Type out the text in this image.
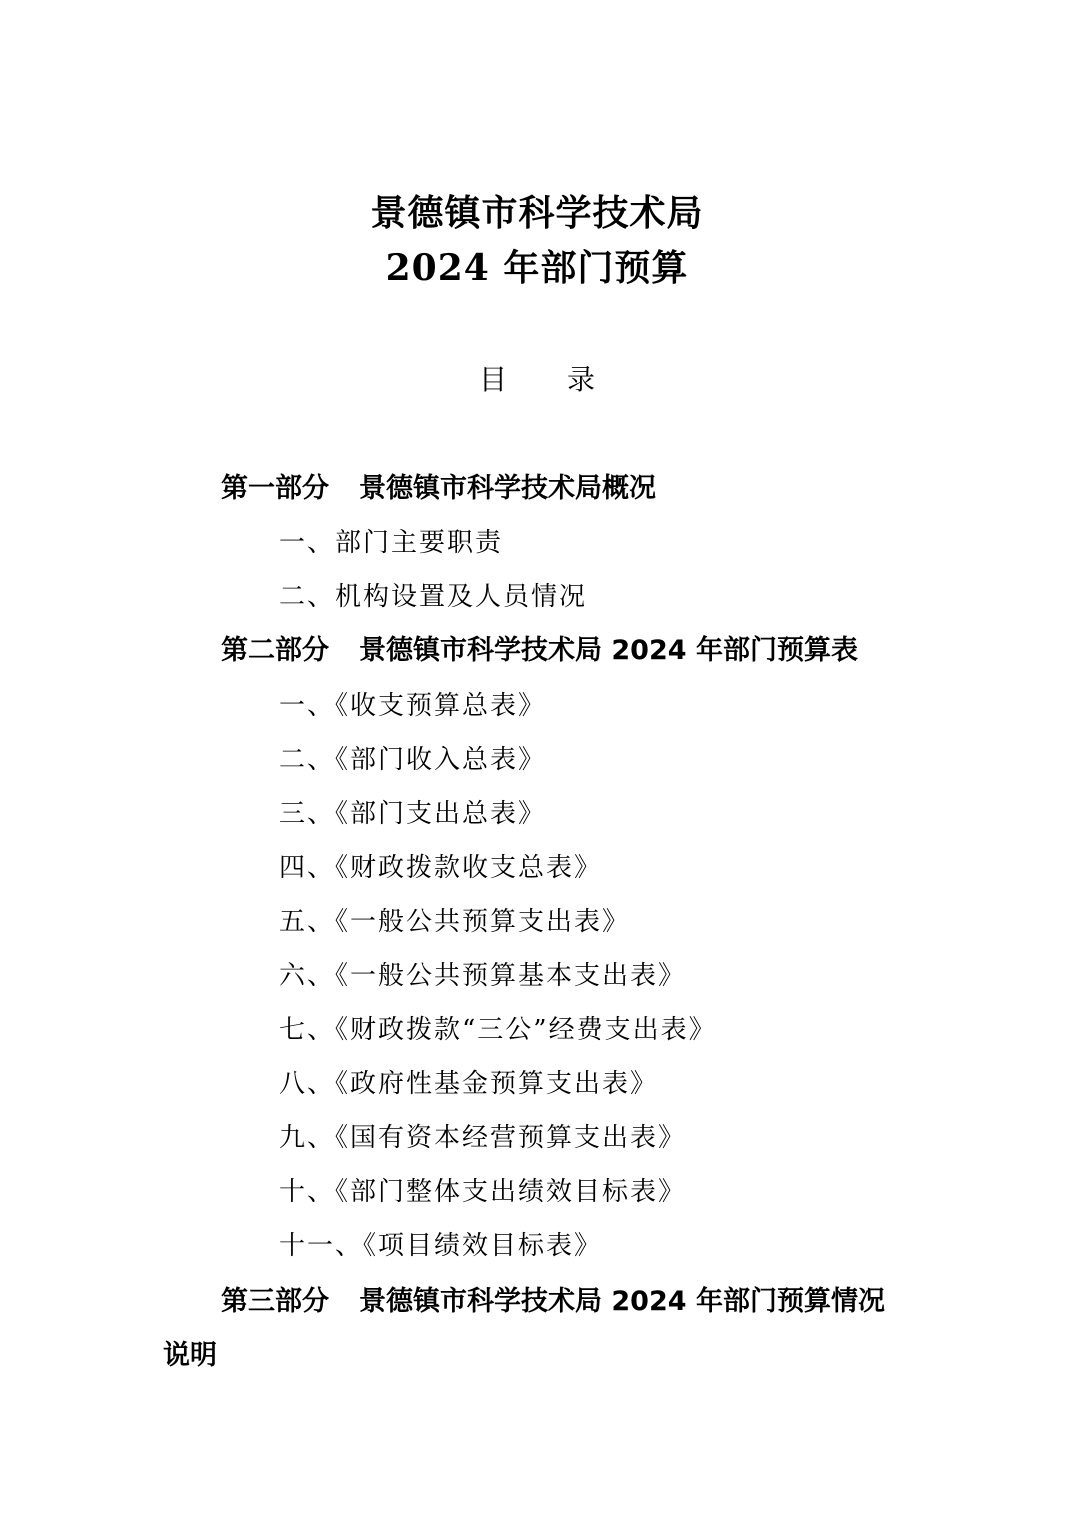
景德镇市科学技术局
2024 年部门预算
目 录
第一部分 景德镇市科学技术局概况
一、部门主要职责
二、机构设置及人员情况
第二部分 景德镇市科学技术局 2024 年部门预算表
一、《收支预算总表》
二、《部门收入总表》
三、《部门支出总表》
四、《财政拨款收支总表》
五、《一般公共预算支出表》
六、《一般公共预算基本支出表》
七、《财政拨款“三公”经费支出表》
八、《政府性基金预算支出表》
九、《国有资本经营预算支出表》
十、《部门整体支出绩效目标表》
十一、《项目绩效目标表》
第三部分 景德镇市科学技术局 2024 年部门预算情况
说明
